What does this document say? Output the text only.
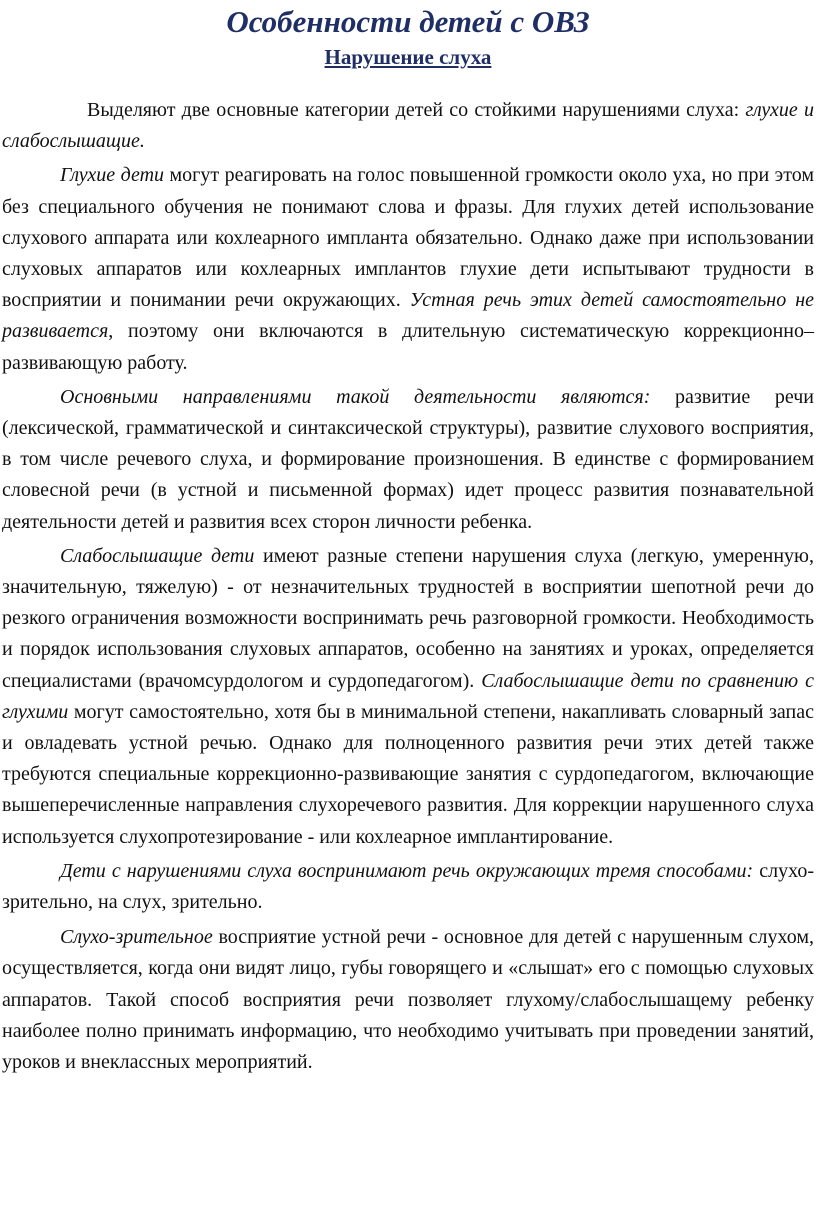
Особенности детей с ОВЗ
Нарушение слуха

Выделяют две основные категории детей со стойкими нарушениями слуха: глухие и слабослышащие.

Глухие дети могут реагировать на голос повышенной громкости около уха, но при этом без специального обучения не понимают слова и фразы. Для глухих детей использование слухового аппарата или кохлеарного импланта обязательно. Однако даже при использовании слуховых аппаратов или кохлеарных имплантов глухие дети испытывают трудности в восприятии и понимании речи окружающих. Устная речь этих детей самостоятельно не развивается, поэтому они включаются в длительную систематическую коррекционно–развивающую работу.

Основными направлениями такой деятельности являются: развитие речи (лексической, грамматической и синтаксической структуры), развитие слухового восприятия, в том числе речевого слуха, и формирование произношения. В единстве с формированием словесной речи (в устной и письменной формах) идет процесс развития познавательной деятельности детей и развития всех сторон личности ребенка.

Слабослышащие дети имеют разные степени нарушения слуха (легкую, умеренную, значительную, тяжелую) - от незначительных трудностей в восприятии шепотной речи до резкого ограничения возможности воспринимать речь разговорной громкости. Необходимость и порядок использования слуховых аппаратов, особенно на занятиях и уроках, определяется специалистами (врачомсурдологом и сурдопедагогом). Слабослышащие дети по сравнению с глухими могут самостоятельно, хотя бы в минимальной степени, накапливать словарный запас и овладевать устной речью. Однако для полноценного развития речи этих детей также требуются специальные коррекционно-развивающие занятия с сурдопедагогом, включающие вышеперечисленные направления слухоречевого развития. Для коррекции нарушенного слуха используется слухопротезирование - или кохлеарное имплантирование.

Дети с нарушениями слуха воспринимают речь окружающих тремя способами: слухо-зрительно, на слух, зрительно.

Слухо-зрительное восприятие устной речи - основное для детей с нарушенным слухом, осуществляется, когда они видят лицо, губы говорящего и «слышат» его с помощью слуховых аппаратов. Такой способ восприятия речи позволяет глухому/слабослышащему ребенку наиболее полно принимать информацию, что необходимо учитывать при проведении занятий, уроков и внеклассных мероприятий.
